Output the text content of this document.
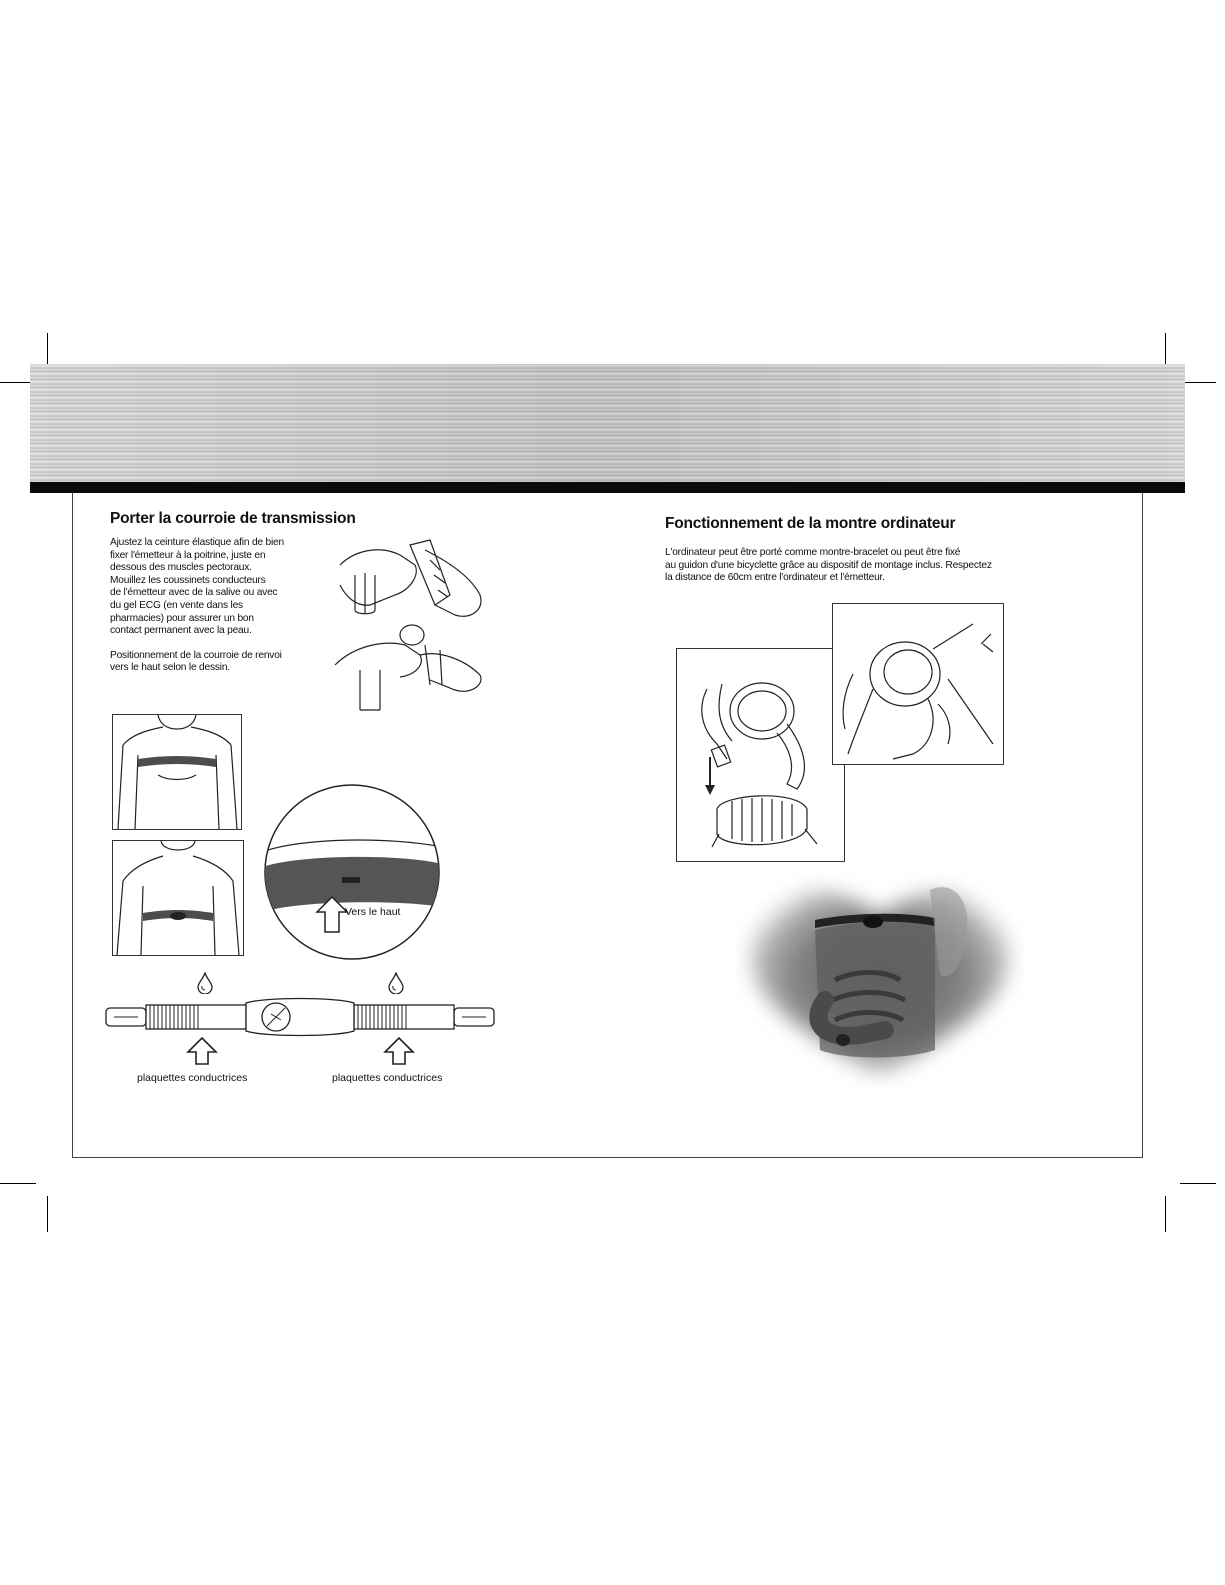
Porter la courroie de transmission

Ajustez la ceinture élastique afin de bien

fixer l'émetteur à la poitrine, juste en

dessous des muscles pectoraux.

Mouillez les coussinets conducteurs

de l'émetteur avec de la salive ou avec

du gel ECG (en vente dans les

pharmacies) pour assurer un bon

contact permanent avec la peau.

Positionnement de la courroie de renvoi

vers le haut selon le dessin.

Vers le haut
plaquettes conductrices	plaquettes conductrices
Fonctionnement de la montre ordinateur

L'ordinateur peut être porté comme montre-bracelet ou peut être fixé

au guidon d'une bicyclette grâce au dispositif de montage inclus. Respectez

la distance de 60cm entre l'ordinateur et l'émetteur.
